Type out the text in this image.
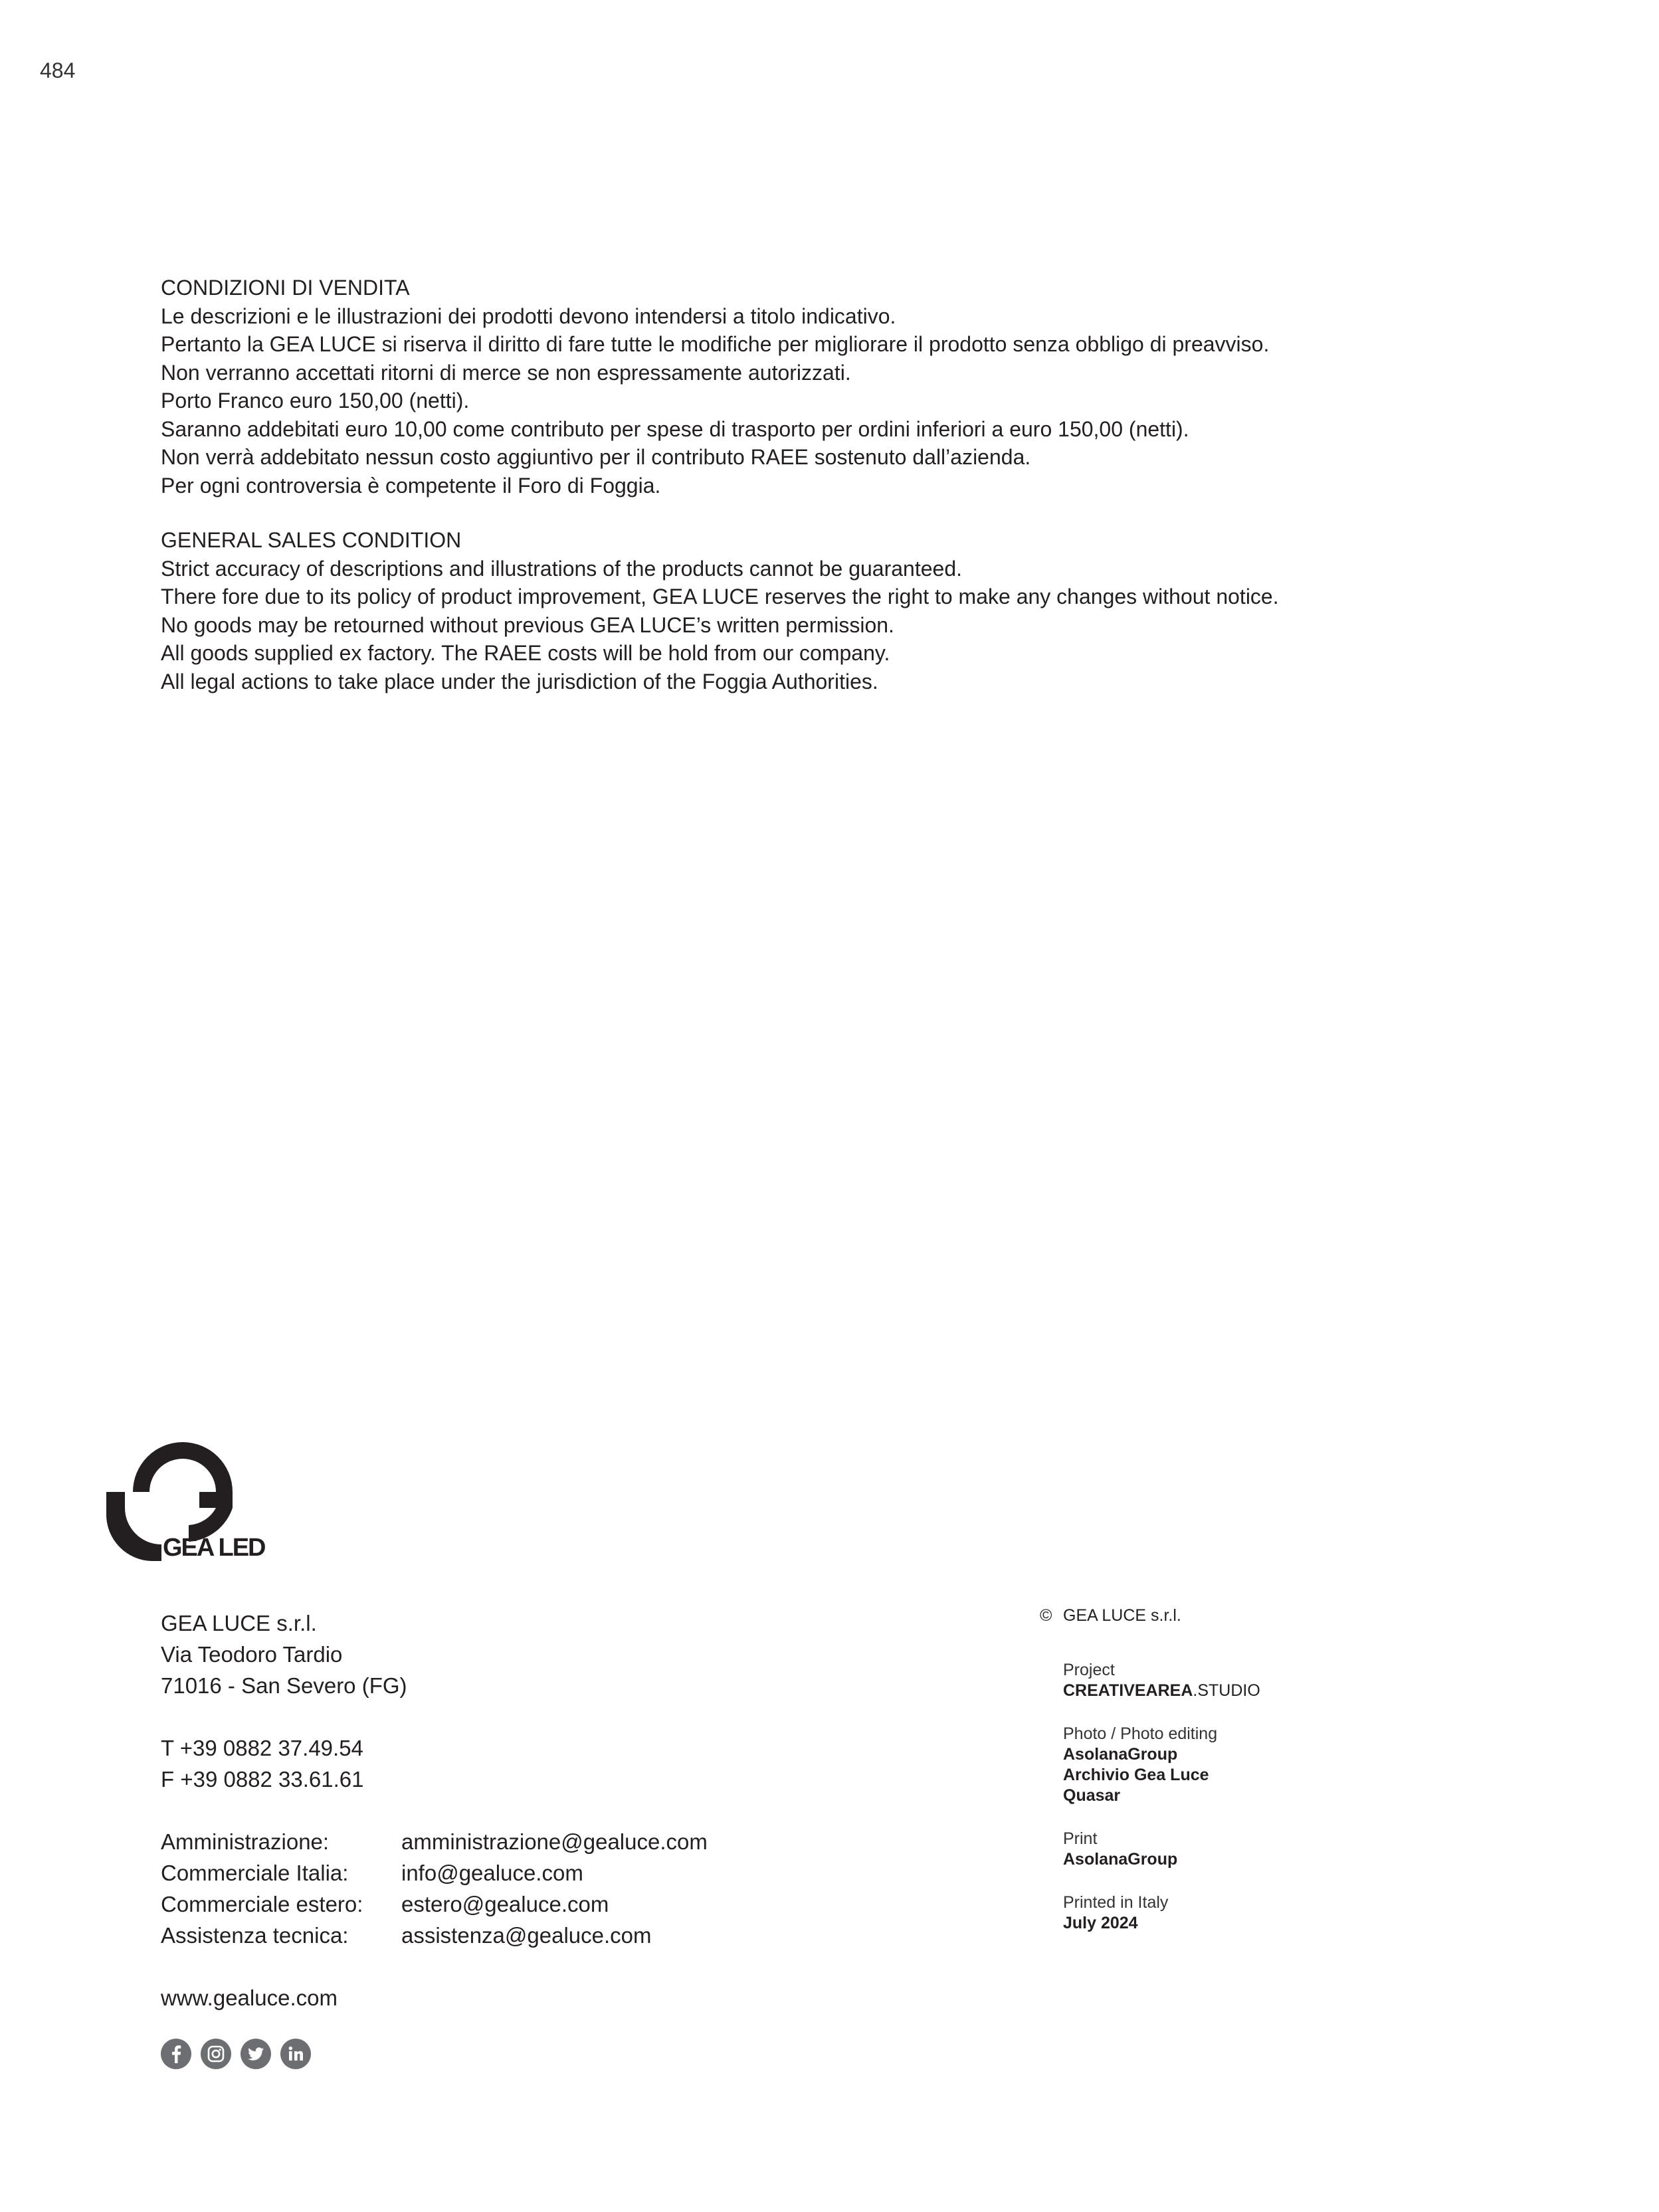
484
CONDIZIONI DI VENDITA
Le descrizioni e le illustrazioni dei prodotti devono intendersi a titolo indicativo.
Pertanto la GEA LUCE si riserva il diritto di fare tutte le modifiche per migliorare il prodotto senza obbligo di preavviso.
Non verranno accettati ritorni di merce se non espressamente autorizzati.
Porto Franco euro 150,00 (netti).
Saranno addebitati euro 10,00 come contributo per spese di trasporto per ordini inferiori a euro 150,00 (netti).
Non verrà addebitato nessun costo aggiuntivo per il contributo RAEE sostenuto dall’azienda.
Per ogni controversia è competente il Foro di Foggia.
GENERAL SALES CONDITION
Strict accuracy of descriptions and illustrations of the products cannot be guaranteed.
There fore due to its policy of product improvement, GEA LUCE reserves the right to make any changes without notice.
No goods may be retourned without previous GEA LUCE’s written permission.
All goods supplied ex factory. The RAEE costs will be hold from our company.
All legal actions to take place under the jurisdiction of the Foggia Authorities.
GEA LED
GEA LUCE s.r.l.
Via Teodoro Tardio
71016 - San Severo (FG)
T +39 0882 37.49.54
F +39 0882 33.61.61
Amministrazione:	amministrazione@gealuce.com
Commerciale Italia:	info@gealuce.com
Commerciale estero:	estero@gealuce.com
Assistenza tecnica:	assistenza@gealuce.com
www.gealuce.com
© GEA LUCE s.r.l.
Project
CREATIVEAREA.STUDIO
Photo / Photo editing
AsolanaGroup
Archivio Gea Luce
Quasar
Print
AsolanaGroup
Printed in Italy
July 2024
